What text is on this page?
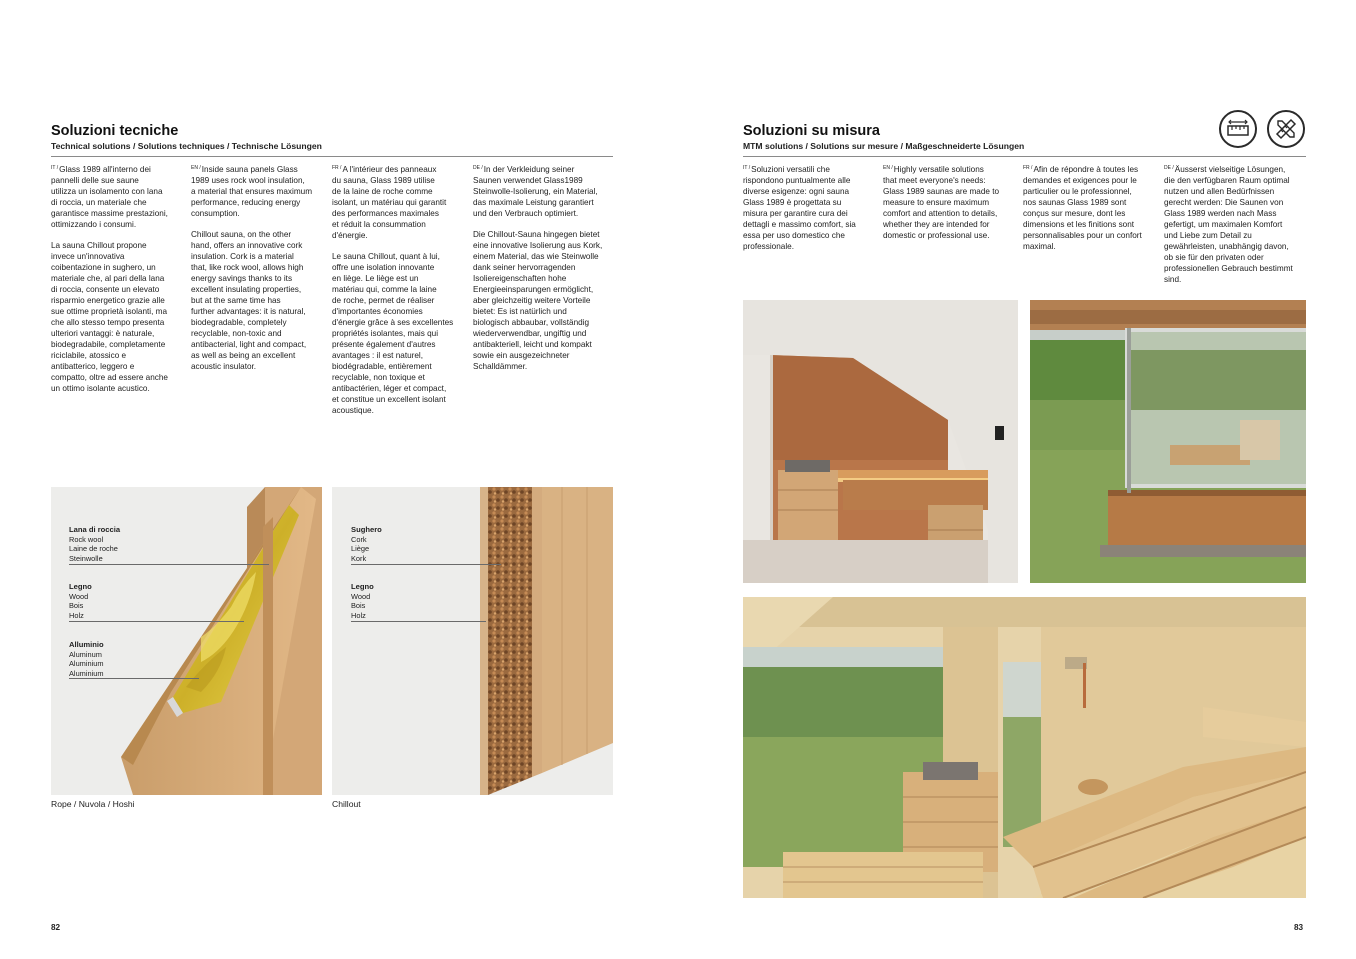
Soluzioni tecniche
Technical solutions / Solutions techniques / Technische Lösungen

$^{IT /}$Glass 1989 all'interno dei
pannelli delle sue saune
utilizza un isolamento con lana
di roccia, un materiale che
garantisce massime prestazioni,
ottimizzando i consumi.

La sauna Chillout propone
invece un'innovativa
coibentazione in sughero, un
materiale che, al pari della lana
di roccia, consente un elevato
risparmio energetico grazie alle
sue ottime proprietà isolanti, ma
che allo stesso tempo presenta
ulteriori vantaggi: è naturale,
biodegradabile, completamente
riciclabile, atossico e
antibatterico, leggero e
compatto, oltre ad essere anche
un ottimo isolante acustico.

$^{EN /}$Inside sauna panels Glass
1989 uses rock wool insulation,
a material that ensures maximum
performance, reducing energy
consumption.

Chillout sauna, on the other
hand, offers an innovative cork
insulation. Cork is a material
that, like rock wool, allows high
energy savings thanks to its
excellent insulating properties,
but at the same time has
further advantages: it is natural,
biodegradable, completely
recyclable, non-toxic and
antibacterial, light and compact,
as well as being an excellent
acoustic insulator.

$^{FR /}$A l'intérieur des panneaux
du sauna, Glass 1989 utilise
de la laine de roche comme
isolant, un matériau qui garantit
des performances maximales
et réduit la consummation
d'énergie.

Le sauna Chillout, quant à lui,
offre une isolation innovante
en liège. Le liège est un
matériau qui, comme la laine
de roche, permet de réaliser
d'importantes économies
d'énergie grâce à ses excellentes
propriétés isolantes, mais qui
présente également d'autres
avantages : il est naturel,
biodégradable, entièrement
recyclable, non toxique et
antibactérien, léger et compact,
et constitue un excellent isolant
acoustique.

$^{DE /}$In der Verkleidung seiner
Saunen verwendet Glass1989
Steinwolle-Isolierung, ein Material,
das maximale Leistung garantiert
und den Verbrauch optimiert.

Die Chillout-Sauna hingegen bietet
eine innovative Isolierung aus Kork,
einem Material, das wie Steinwolle
dank seiner hervorragenden
Isoliereigenschaften hohe
Energieeinsparungen ermöglicht,
aber gleichzeitig weitere Vorteile
bietet: Es ist natürlich und
biologisch abbaubar, vollständig
wiederverwendbar, ungiftig und
antibakteriell, leicht und kompakt
sowie ein ausgezeichneter
Schalldämmer.

Lana di roccia
Rock wool
Laine de roche
Steinwolle
Legno
Wood
Bois
Holz
Alluminio
Aluminum
Aluminium
Aluminium
Rope / Nuvola / Hoshi
Sughero
Cork
Liège
Kork
Legno
Wood
Bois
Holz
Chillout
82
Soluzioni su misura
MTM solutions / Solutions sur mesure / Maßgeschneiderte Lösungen

$^{IT /}$Soluzioni versatili che
rispondono puntualmente alle
diverse esigenze: ogni sauna
Glass 1989 è progettata su
misura per garantire cura dei
dettagli e massimo comfort, sia
essa per uso domestico che
professionale.

$^{EN /}$Highly versatile solutions
that meet everyone's needs:
Glass 1989 saunas are made to
measure to ensure maximum
comfort and attention to details,
whether they are intended for
domestic or professional use.

$^{FR /}$Afin de répondre à toutes les
demandes et exigences pour le
particulier ou le professionnel,
nos saunas Glass 1989 sont
conçus sur mesure, dont les
dimensions et les finitions sont
personnalisables pour un confort
maximal.

$^{DE /}$Äusserst vielseitige Lösungen,
die den verfügbaren Raum optimal
nutzen und allen Bedürfnissen
gerecht werden: Die Saunen von
Glass 1989 werden nach Mass
gefertigt, um maximalen Komfort
und Liebe zum Detail zu
gewährleisten, unabhängig davon,
ob sie für den privaten oder
professionellen Gebrauch bestimmt
sind.

83
